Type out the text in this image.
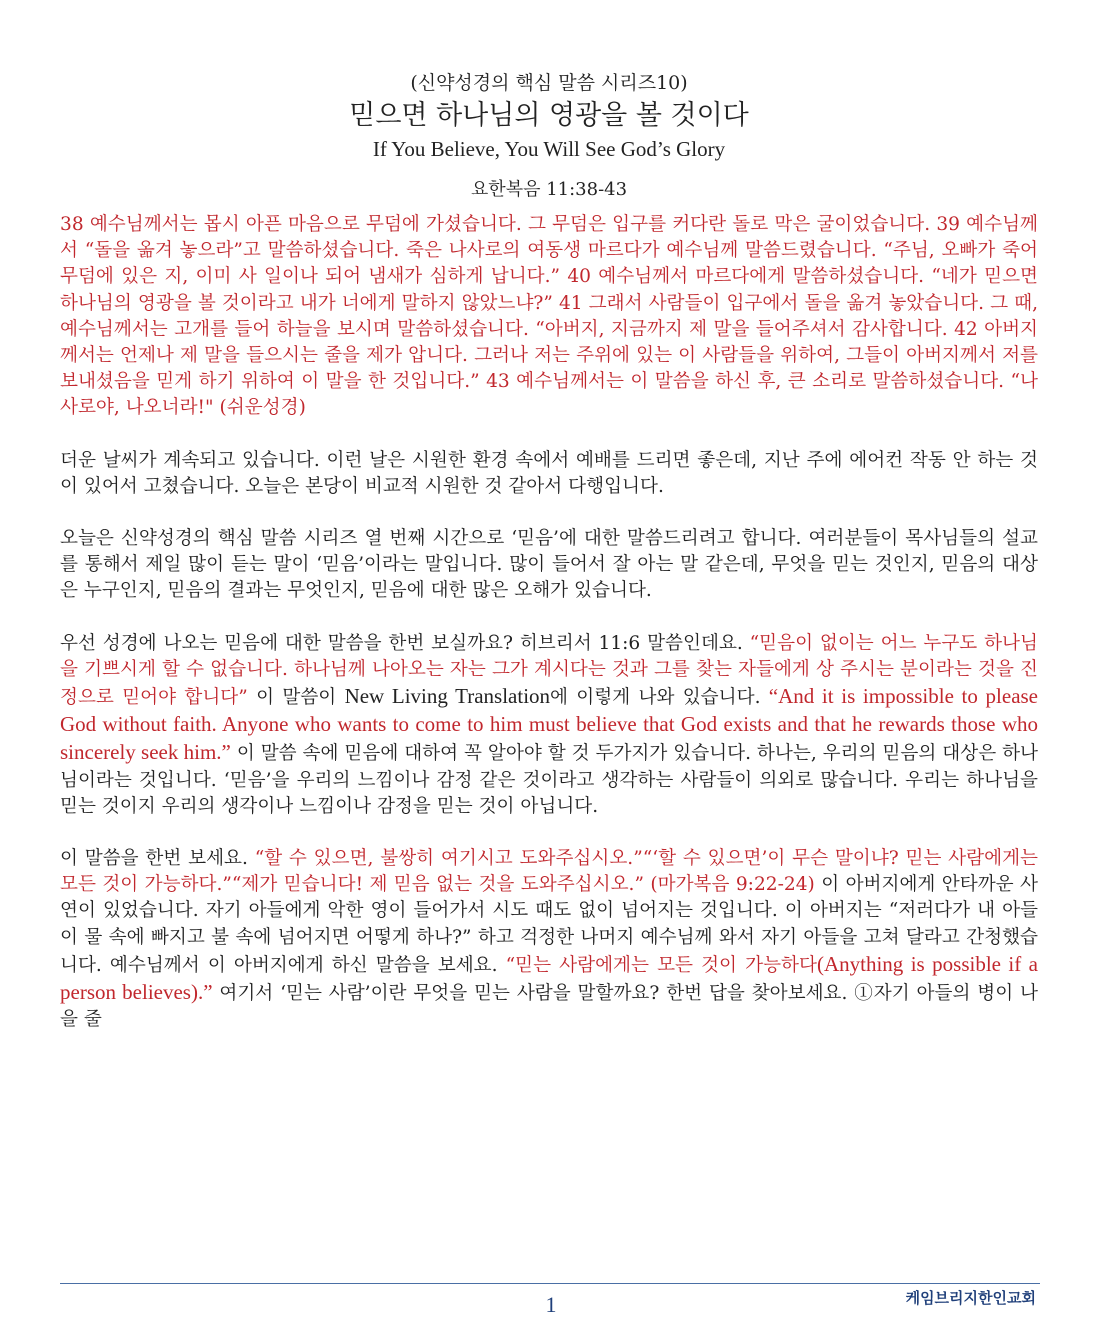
(신약성경의 핵심 말씀 시리즈10)
믿으면 하나님의 영광을 볼 것이다
If You Believe, You Will See God’s Glory
요한복음 11:38-43

38 예수님께서는 몹시 아픈 마음으로 무덤에 가셨습니다. 그 무덤은 입구를 커다란 돌로 막은 굴이었습니다. 39 예수님께서 “돌을 옮겨 놓으라”고 말씀하셨습니다. 죽은 나사로의 여동생 마르다가 예수님께 말씀드렸습니다. “주님, 오빠가 죽어 무덤에 있은 지, 이미 사 일이나 되어 냄새가 심하게 납니다.” 40 예수님께서 마르다에게 말씀하셨습니다. “네가 믿으면 하나님의 영광을 볼 것이라고 내가 너에게 말하지 않았느냐?” 41 그래서 사람들이 입구에서 돌을 옮겨 놓았습니다. 그 때, 예수님께서는 고개를 들어 하늘을 보시며 말씀하셨습니다. “아버지, 지금까지 제 말을 들어주셔서 감사합니다. 42 아버지께서는 언제나 제 말을 들으시는 줄을 제가 압니다. 그러나 저는 주위에 있는 이 사람들을 위하여, 그들이 아버지께서 저를 보내셨음을 믿게 하기 위하여 이 말을 한 것입니다.” 43 예수님께서는 이 말씀을 하신 후, 큰 소리로 말씀하셨습니다. “나사로야, 나오너라!" (쉬운성경)

더운 날씨가 계속되고 있습니다. 이런 날은 시원한 환경 속에서 예배를 드리면 좋은데, 지난 주에 에어컨 작동 안 하는 것이 있어서 고쳤습니다. 오늘은 본당이 비교적 시원한 것 같아서 다행입니다.

오늘은 신약성경의 핵심 말씀 시리즈 열 번째 시간으로 ‘믿음’에 대한 말씀드리려고 합니다. 여러분들이 목사님들의 설교를 통해서 제일 많이 듣는 말이 ‘믿음’이라는 말입니다. 많이 들어서 잘 아는 말 같은데, 무엇을 믿는 것인지, 믿음의 대상은 누구인지, 믿음의 결과는 무엇인지, 믿음에 대한 많은 오해가 있습니다.

우선 성경에 나오는 믿음에 대한 말씀을 한번 보실까요? 히브리서 11:6 말씀인데요. “믿음이 없이는 어느 누구도 하나님을 기쁘시게 할 수 없습니다. 하나님께 나아오는 자는 그가 계시다는 것과 그를 찾는 자들에게 상 주시는 분이라는 것을 진정으로 믿어야 합니다” 이 말씀이 New Living Translation에 이렇게 나와 있습니다. “And it is impossible to please God without faith. Anyone who wants to come to him must believe that God exists and that he rewards those who sincerely seek him.” 이 말씀 속에 믿음에 대하여 꼭 알아야 할 것 두가지가 있습니다. 하나는, 우리의 믿음의 대상은 하나님이라는 것입니다. ‘믿음’을 우리의 느낌이나 감정 같은 것이라고 생각하는 사람들이 의외로 많습니다. 우리는 하나님을 믿는 것이지 우리의 생각이나 느낌이나 감정을 믿는 것이 아닙니다.

이 말씀을 한번 보세요. “할 수 있으면, 불쌍히 여기시고 도와주십시오.”“‘할 수 있으면’이 무슨 말이냐? 믿는 사람에게는 모든 것이 가능하다.”“제가 믿습니다! 제 믿음 없는 것을 도와주십시오.” (마가복음 9:22-24) 이 아버지에게 안타까운 사연이 있었습니다. 자기 아들에게 악한 영이 들어가서 시도 때도 없이 넘어지는 것입니다. 이 아버지는 “저러다가 내 아들이 물 속에 빠지고 불 속에 넘어지면 어떻게 하나?” 하고 걱정한 나머지 예수님께 와서 자기 아들을 고쳐 달라고 간청했습니다. 예수님께서 이 아버지에게 하신 말씀을 보세요. “믿는 사람에게는 모든 것이 가능하다(Anything is possible if a person believes).” 여기서 ‘믿는 사람’이란 무엇을 믿는 사람을 말할까요? 한번 답을 찾아보세요. ①자기 아들의 병이 나을 줄

1	케임브리지한인교회
